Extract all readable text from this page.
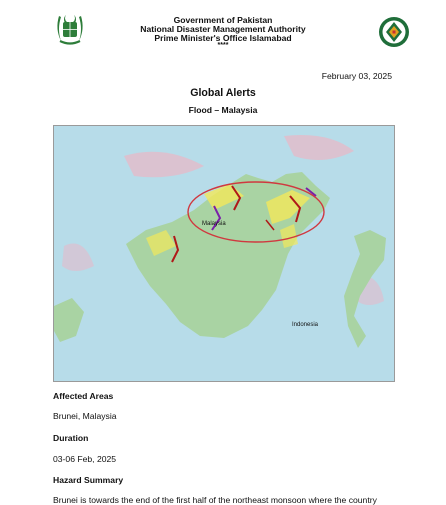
Government of Pakistan
National Disaster Management Authority
Prime Minister's Office Islamabad
****
February 03, 2025
Global Alerts
Flood – Malaysia
Malaysia
Indonesia
Affected Areas
Brunei, Malaysia
Duration
03-06 Feb, 2025
Hazard Summary
Brunei is towards the end of the first half of the northeast monsoon where the country
